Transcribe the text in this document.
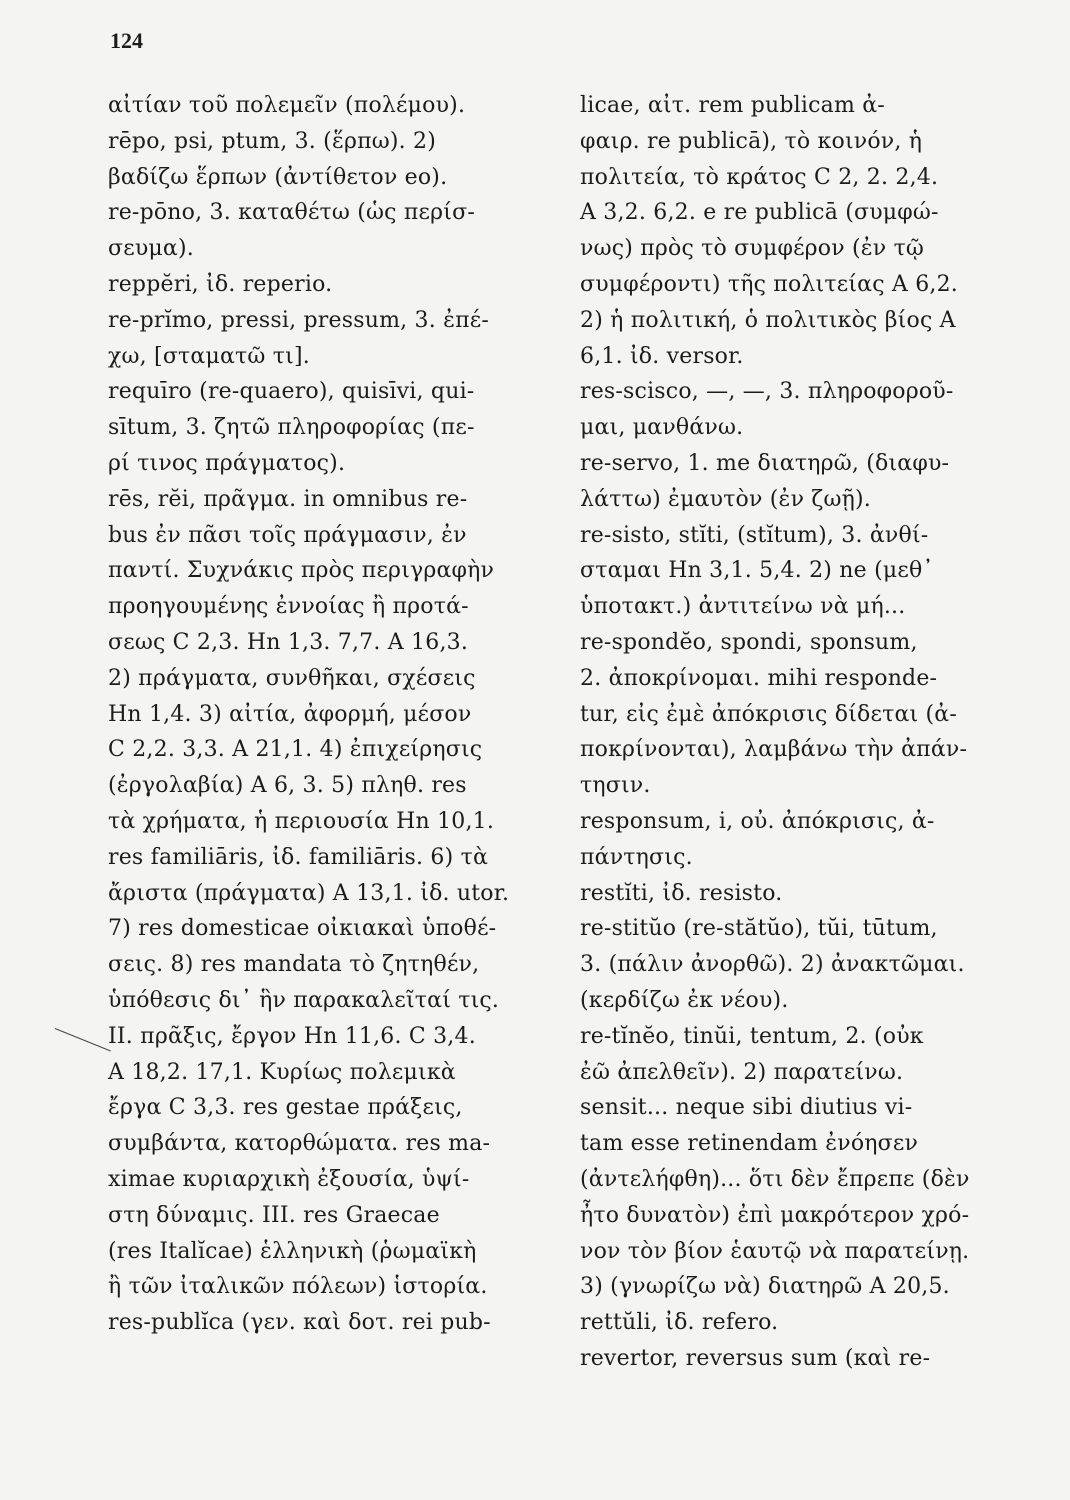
124
αἰτίαν τοῦ πολεμεῖν (πολέμου).
rēpo, psi, ptum, 3. (ἕρπω). 2)
βαδίζω ἕρπων (ἀντίθετον eo).
re-pōno, 3. καταθέτω (ὡς περίσ-
σευμα).
reppĕri, ἰδ. reperio.
re-prĭmo, pressi, pressum, 3. ἐπέ-
χω, [σταματῶ τι].
requīro (re-quaero), quisīvi, qui-
sītum, 3. ζητῶ πληροφορίας (πε-
ρί τινος πράγματος).
rēs, rĕi, πρᾶγμα. in omnibus re-
bus ἐν πᾶσι τοῖς πράγμασιν, ἐν
παντί. Συχνάκις πρὸς περιγραφὴν
προηγουμένης ἐννοίας ἢ προτά-
σεως C 2,3. Hn 1,3. 7,7. A 16,3.
2) πράγματα, συνθῆκαι, σχέσεις
Hn 1,4. 3) αἰτία, ἀφορμή, μέσον
C 2,2. 3,3. A 21,1. 4) ἐπιχείρησις
(ἐργολαβία) A 6, 3. 5) πληθ. res
τὰ χρήματα, ἡ περιουσία Hn 10,1.
res familiāris, ἰδ. familiāris. 6) τὰ
ἄριστα (πράγματα) A 13,1. ἰδ. utor.
7) res domesticae οἰκιακαὶ ὑποθέ-
σεις. 8) res mandata τὸ ζητηθέν,
ὑπόθεσις δι᾽ ἣν παρακαλεῖταί τις.
II. πρᾶξις, ἔργον Hn 11,6. C 3,4.
A 18,2. 17,1. Κυρίως πολεμικὰ
ἔργα C 3,3. res gestae πράξεις,
συμβάντα, κατορθώματα. res ma-
ximae κυριαρχικὴ ἐξουσία, ὑψί-
στη δύναμις. III. res Graecae
(res Italĭcae) ἑλληνικὴ (ῥωμαϊκὴ
ἢ τῶν ἰταλικῶν πόλεων) ἱστορία.
res-publĭca (γεν. καὶ δοτ. rei pub-
licae, αἰτ. rem publicam ἀ-
φαιρ. re publicā), τὸ κοινόν, ἡ
πολιτεία, τὸ κράτος C 2, 2. 2,4.
A 3,2. 6,2. e re publicā (συμφώ-
νως) πρὸς τὸ συμφέρον (ἐν τῷ
συμφέροντι) τῆς πολιτείας A 6,2.
2) ἡ πολιτική, ὁ πολιτικὸς βίος A
6,1. ἰδ. versor.
res-scisco, —, —, 3. πληροφοροῦ-
μαι, μανθάνω.
re-servo, 1. me διατηρῶ, (διαφυ-
λάττω) ἐμαυτὸν (ἐν ζωῇ).
re-sisto, stĭti, (stĭtum), 3. ἀνθί-
σταμαι Hn 3,1. 5,4. 2) ne (μεθ᾽
ὑποτακτ.) ἀντιτείνω νὰ μή...
re-spondĕo, spondi, sponsum,
2. ἀποκρίνομαι. mihi responde-
tur, εἰς ἐμὲ ἀπόκρισις δίδεται (ἀ-
ποκρίνονται), λαμβάνω τὴν ἀπάν-
τησιν.
responsum, i, οὐ. ἀπόκρισις, ἀ-
πάντησις.
restĭti, ἰδ. resisto.
re-stitŭo (re-stătŭo), tŭi, tūtum,
3. (πάλιν ἀνορθῶ). 2) ἀνακτῶμαι.
(κερδίζω ἐκ νέου).
re-tĭnĕo, tinŭi, tentum, 2. (οὐκ
ἐῶ ἀπελθεῖν). 2) παρατείνω.
sensit... neque sibi diutius vi-
tam esse retinendam ἐνόησεν
(ἀντελήφθη)... ὅτι δὲν ἔπρεπε (δὲν
ἦτο δυνατὸν) ἐπὶ μακρότερον χρό-
νον τὸν βίον ἑαυτῷ νὰ παρατείνῃ.
3) (γνωρίζω νὰ) διατηρῶ A 20,5.
rettŭli, ἰδ. refero.
revertor, reversus sum (καὶ re-
